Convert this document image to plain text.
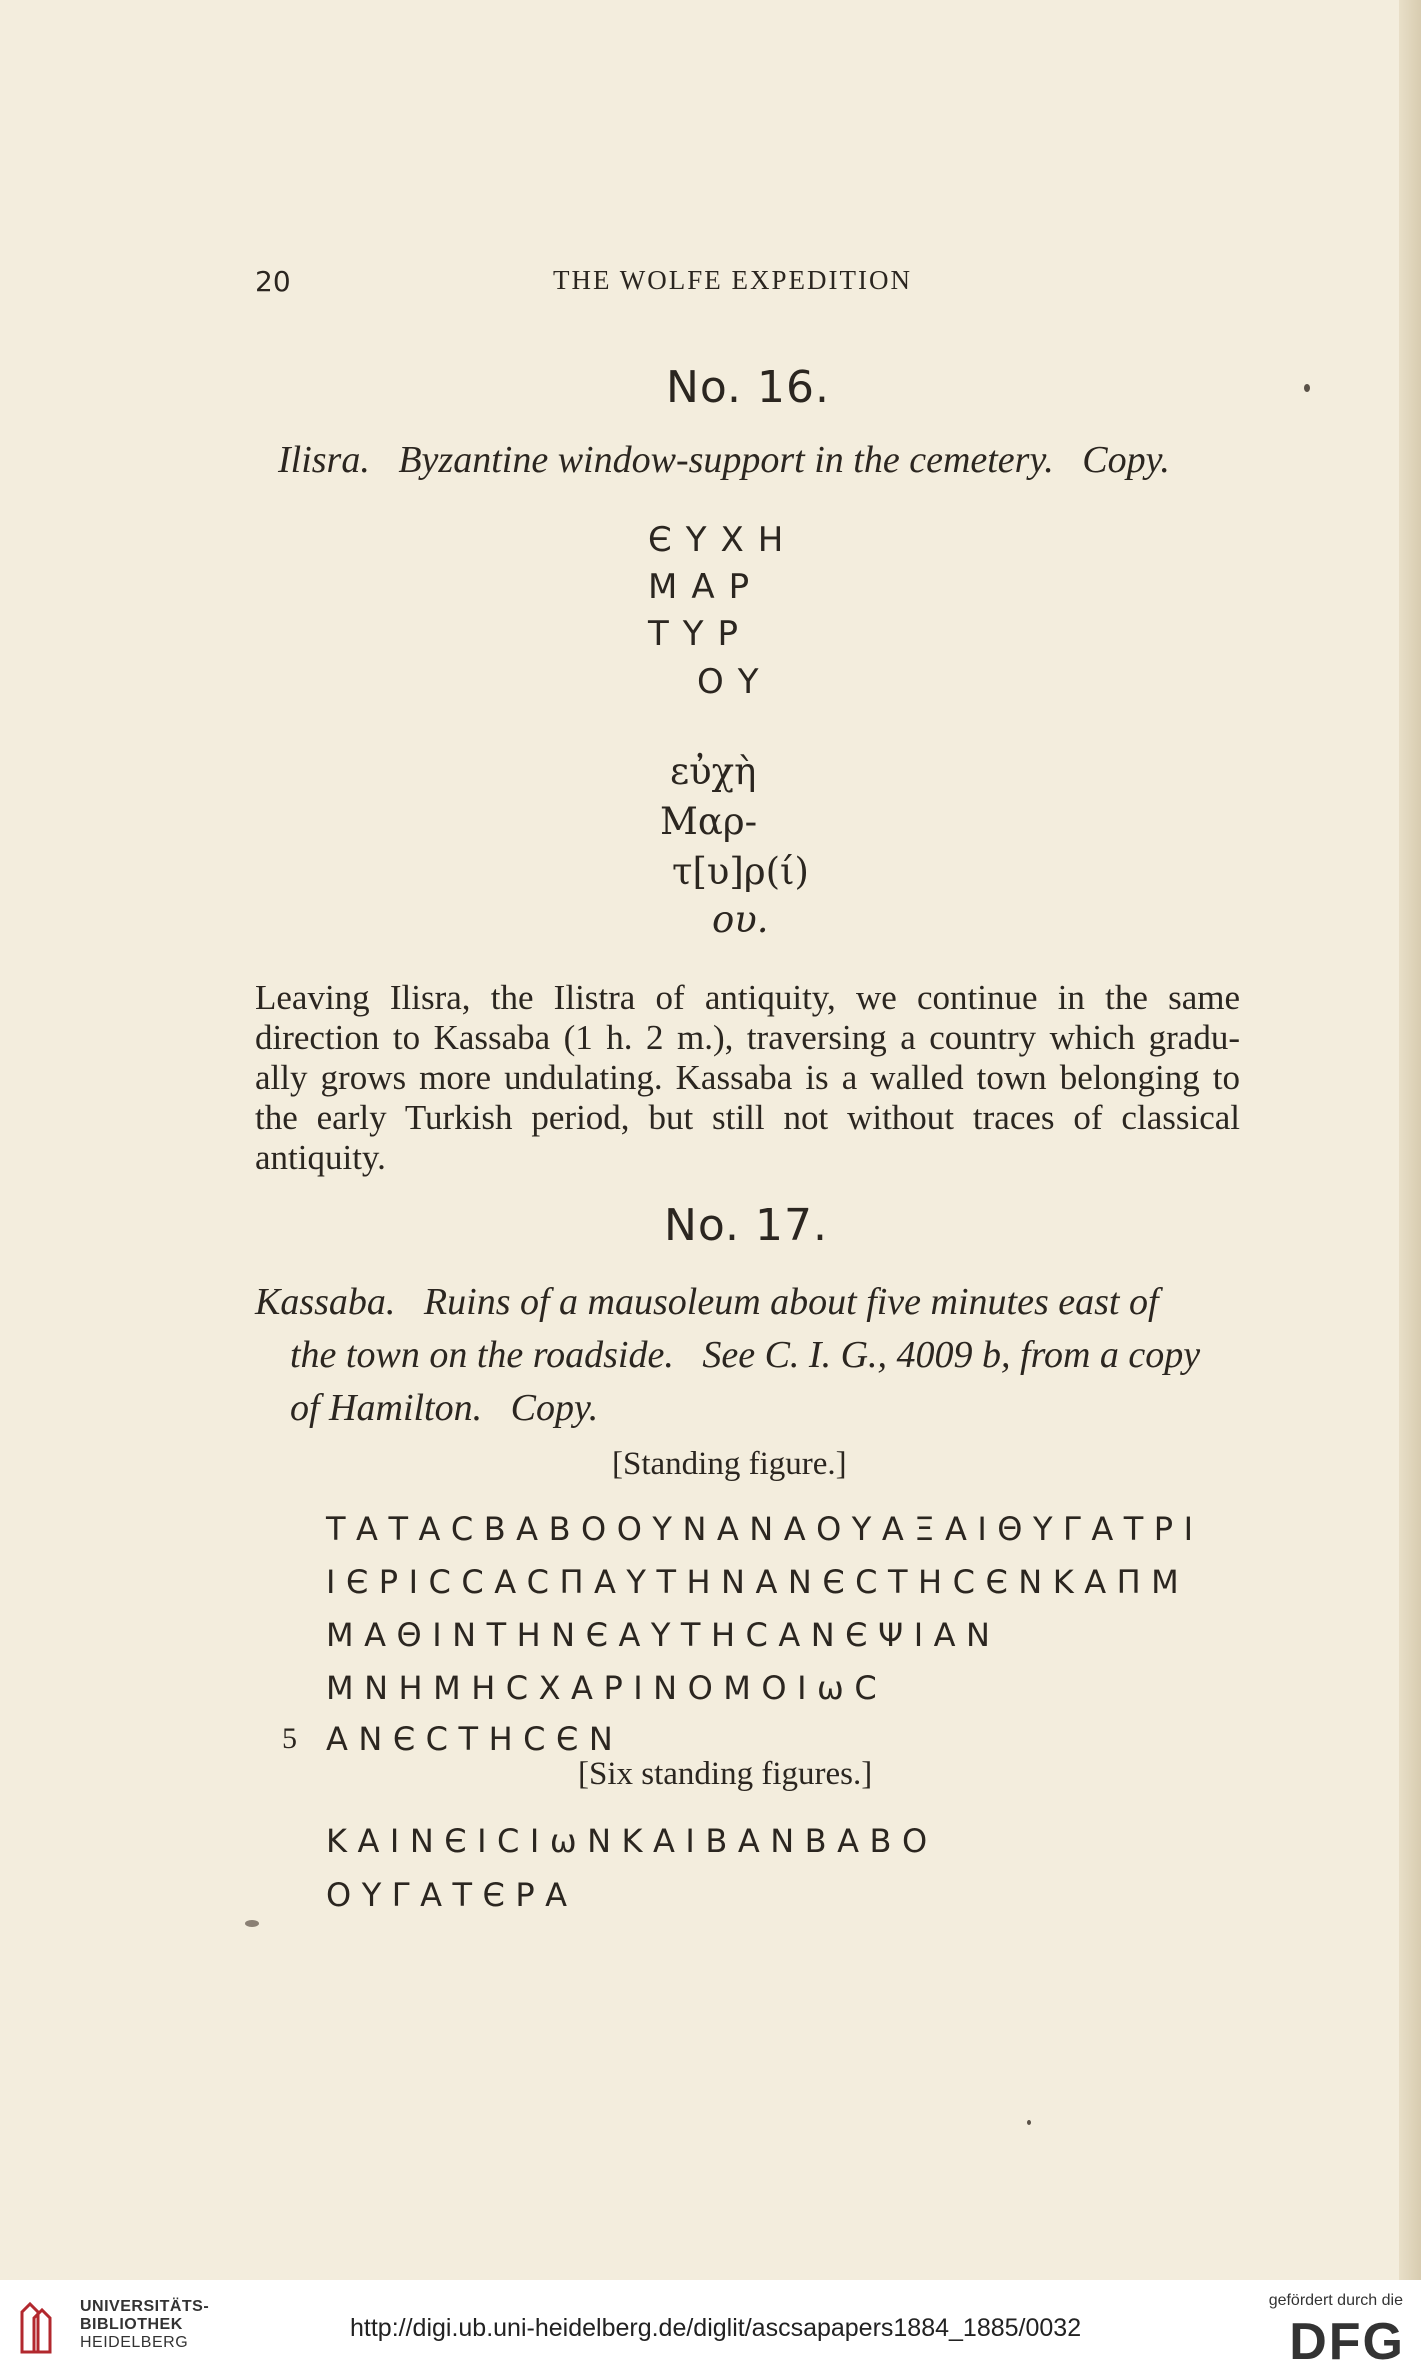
20	THE WOLFE EXPEDITION
No. 16.
Ilisra.   Byzantine window-support in the cemetery.   Copy.
ЄΥΧΗ
ΜΑΡ
ΤΥΡ
ΟΥ
εὐχὴ
Μαρ-
τ[υ]ρ(ί)
ου.
Leaving Ilisra, the Ilistra of antiquity, we continue in the same
direction to Kassaba (1 h. 2 m.), traversing a country which gradu-
ally grows more undulating. Kassaba is a walled town belonging to
the early Turkish period, but still not without traces of classical
antiquity.
No. 17.
Kassaba.   Ruins of a mausoleum about five minutes east of
the town on the roadside.   See C. I. G., 4009 b, from a copy
of Hamilton.   Copy.
[Standing figure.]
ΤΑΤΑϹΒΑΒΟΟΥΝΑΝΑΟΥΑΞΑΙΘΥΓΑΤΡΙ
ΙЄΡΙϹϹΑϹΠΑΥΤΗΝΑΝЄϹΤΗϹЄΝΚΑΠΜ
ΜΑΘΙΝΤΗΝЄΑΥΤΗϹΑΝЄΨΙΑΝ
ΜΝΗΜΗϹΧΑΡΙΝΟΜΟΙωϹ
5 ΑΝЄϹΤΗϹЄΝ
[Six standing figures.]
ΚΑΙΝЄΙϹΙωΝΚΑΙΒΑΝΒΑΒΟ
ΟΥΓΑΤЄΡΑ
UNIVERSITÄTS-
BIBLIOTHEK
HEIDELBERG
http://digi.ub.uni-heidelberg.de/diglit/ascsapapers1884_1885/0032
gefördert durch die
DFG
